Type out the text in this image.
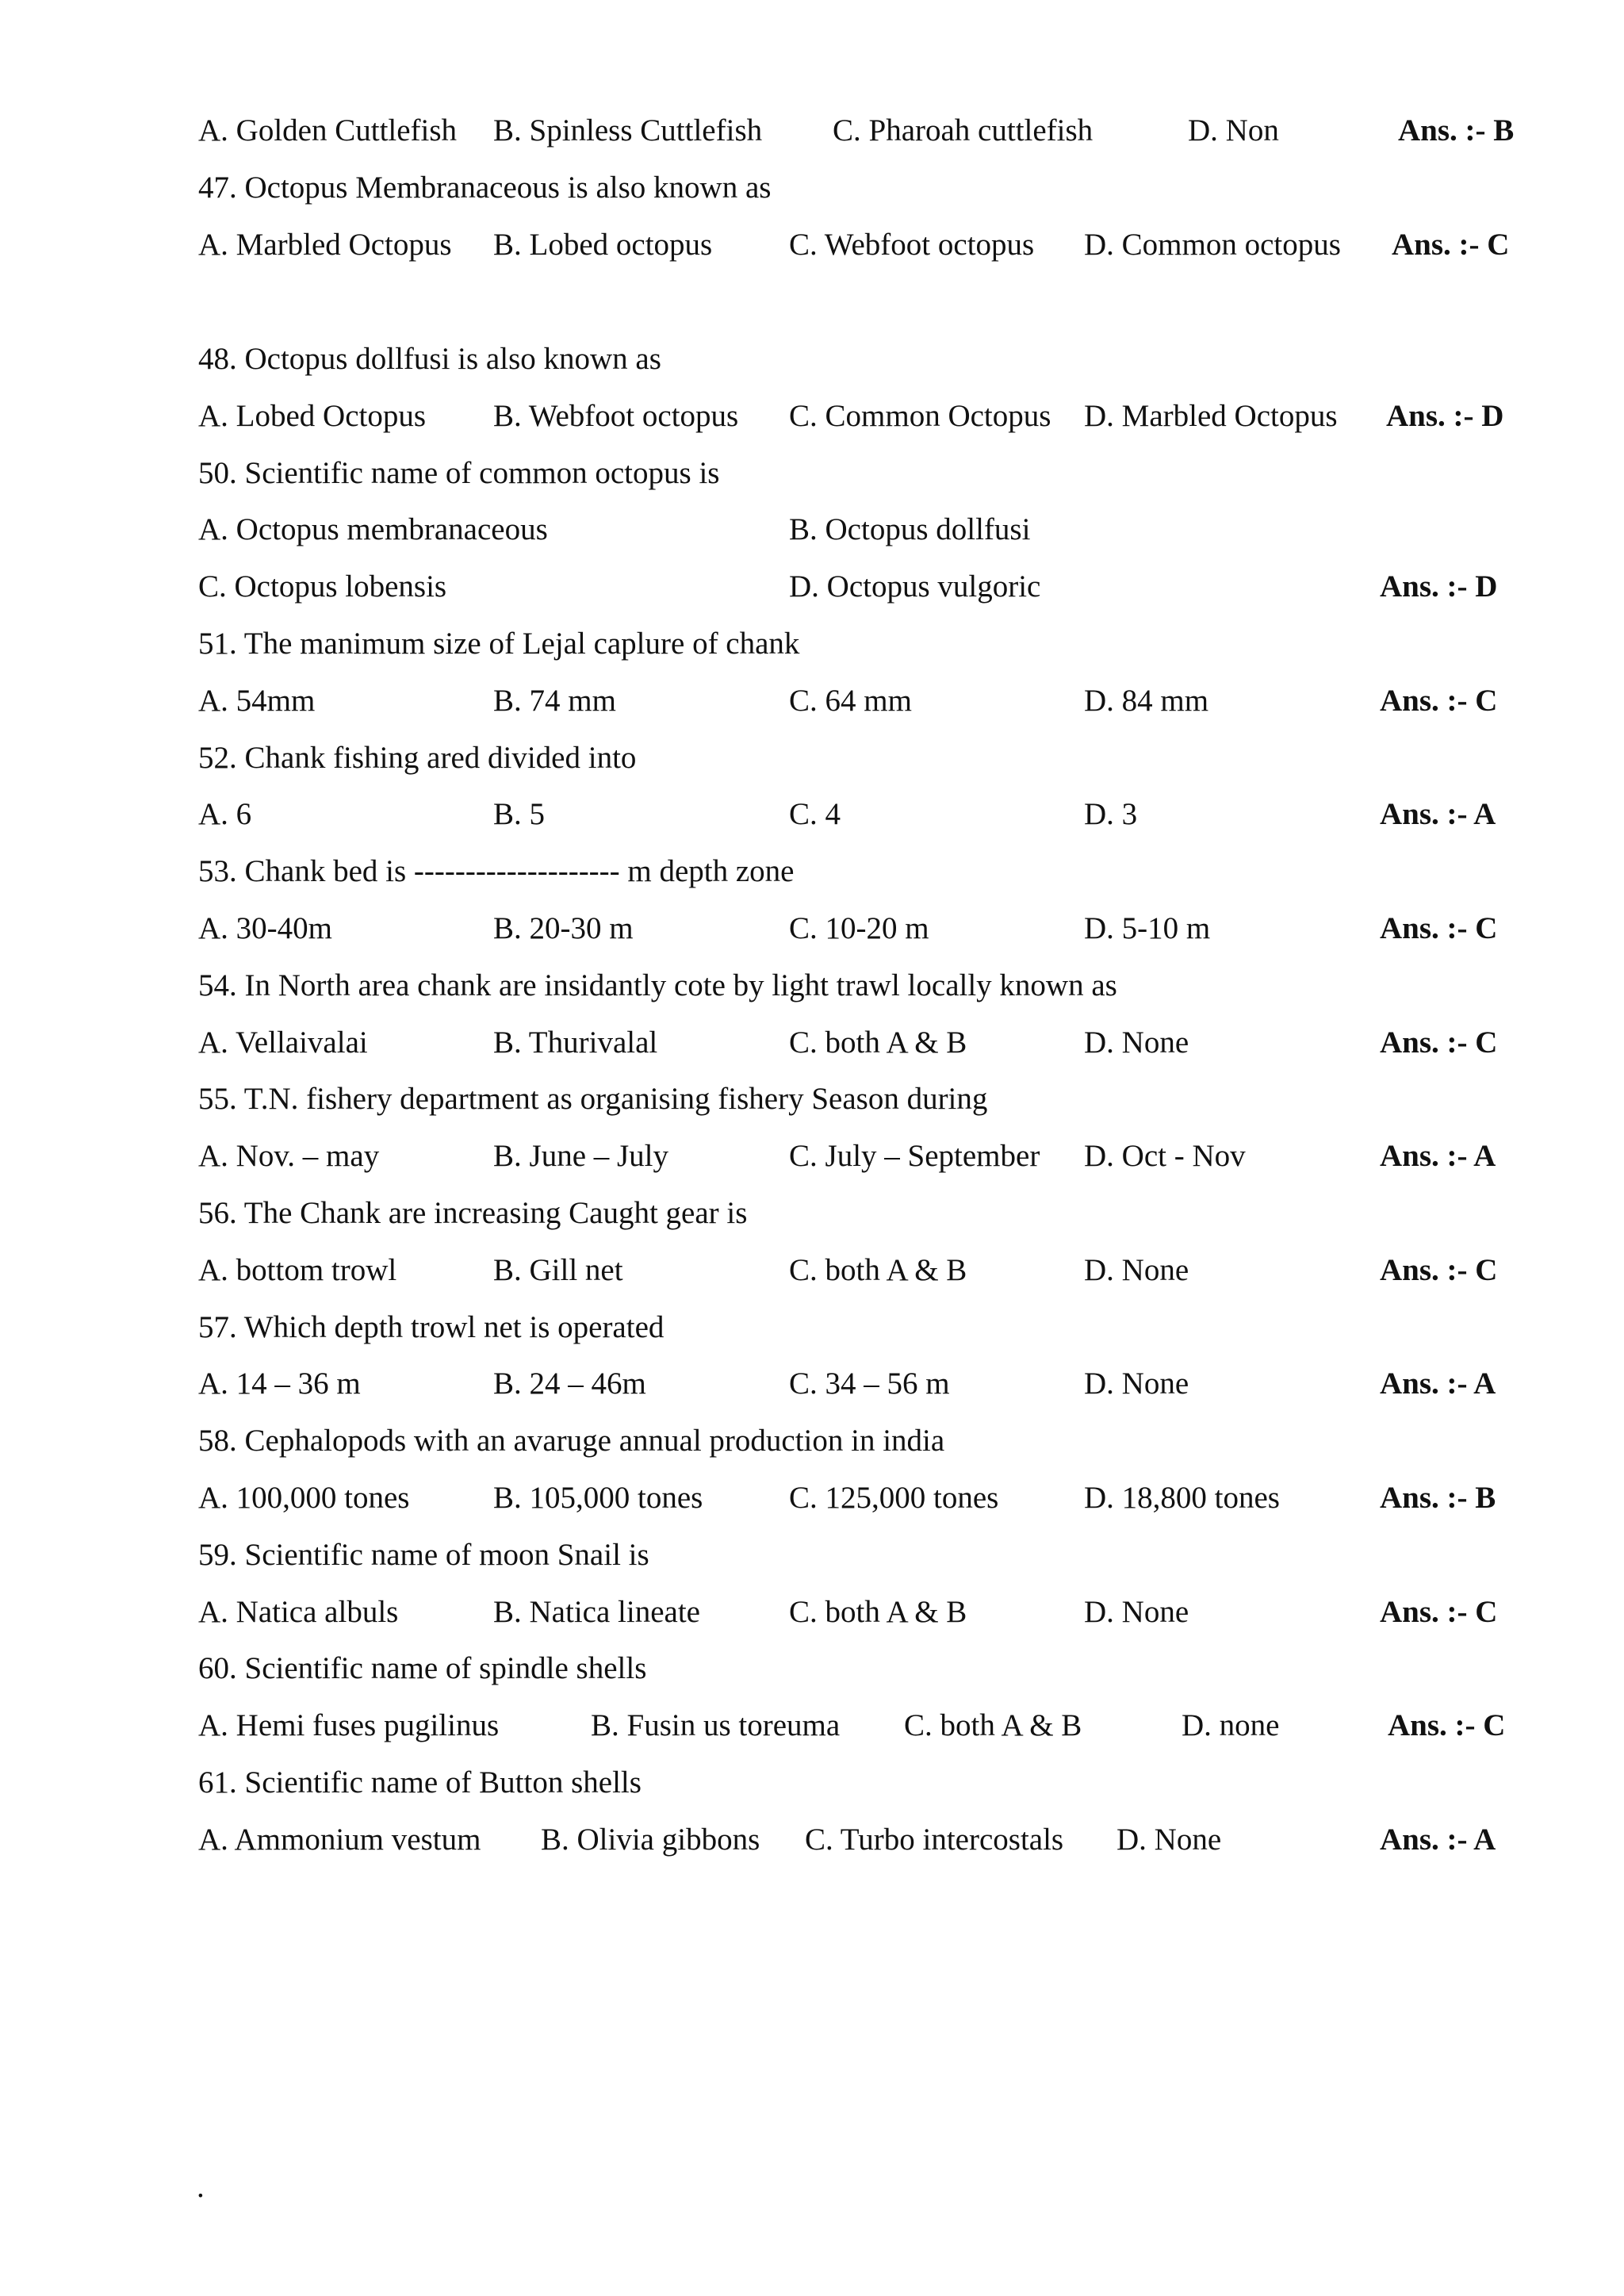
A. Golden Cuttlefish B. Spinless Cuttlefish C. Pharoah cuttlefish	D. Non	Ans. :- B
47. Octopus Membranaceous is also known as
A. Marbled Octopus B. Lobed octopus C. Webfoot octopus D. Common octopus Ans. :- C
48. Octopus dollfusi is also known as
A. Lobed Octopus B. Webfoot octopus C. Common Octopus D. Marbled Octopus Ans. :- D
50. Scientific name of common octopus is
A. Octopus membranaceous	B. Octopus dollfusi
C. Octopus lobensis	D. Octopus vulgoric	Ans. :- D
51. The manimum size of Lejal caplure of chank
A. 54mm	B. 74 mm	C. 64 mm	D. 84 mm	Ans. :- C
52. Chank fishing ared divided into
A. 6	B. 5	C. 4	D. 3	Ans. :- A
53. Chank bed is -------------------- m depth zone
A. 30-40m	B. 20-30 m	C. 10-20 m	D. 5-10 m	Ans. :- C
54. In North area chank are insidantly cote by light trawl locally known as
A. Vellaivalai	B. Thurivalal	C. both A & B	D. None	Ans. :- C
55. T.N. fishery department as organising fishery Season during
A. Nov. – may	B. June – July	C. July – September D. Oct - Nov	Ans. :- A
56. The Chank are increasing Caught gear is
A. bottom trowl	B. Gill net	C. both A & B	D. None	Ans. :- C
57. Which depth trowl net is operated
A. 14 – 36 m	B. 24 – 46m	C. 34 – 56 m	D. None	Ans. :- A
58. Cephalopods with an avaruge annual production in india
A. 100,000 tones	B. 105,000 tones	C. 125,000 tones	D. 18,800 tones	Ans. :- B
59. Scientific name of moon Snail is
A. Natica albuls	B. Natica lineate	C. both A & B	D. None	Ans. :- C
60. Scientific name of spindle shells
A. Hemi fuses pugilinus	B. Fusin us toreuma C. both A & B	D. none	Ans. :- C
61. Scientific name of Button shells
A. Ammonium vestum B. Olivia gibbons C. Turbo intercostals D. None	Ans. :- A
.
